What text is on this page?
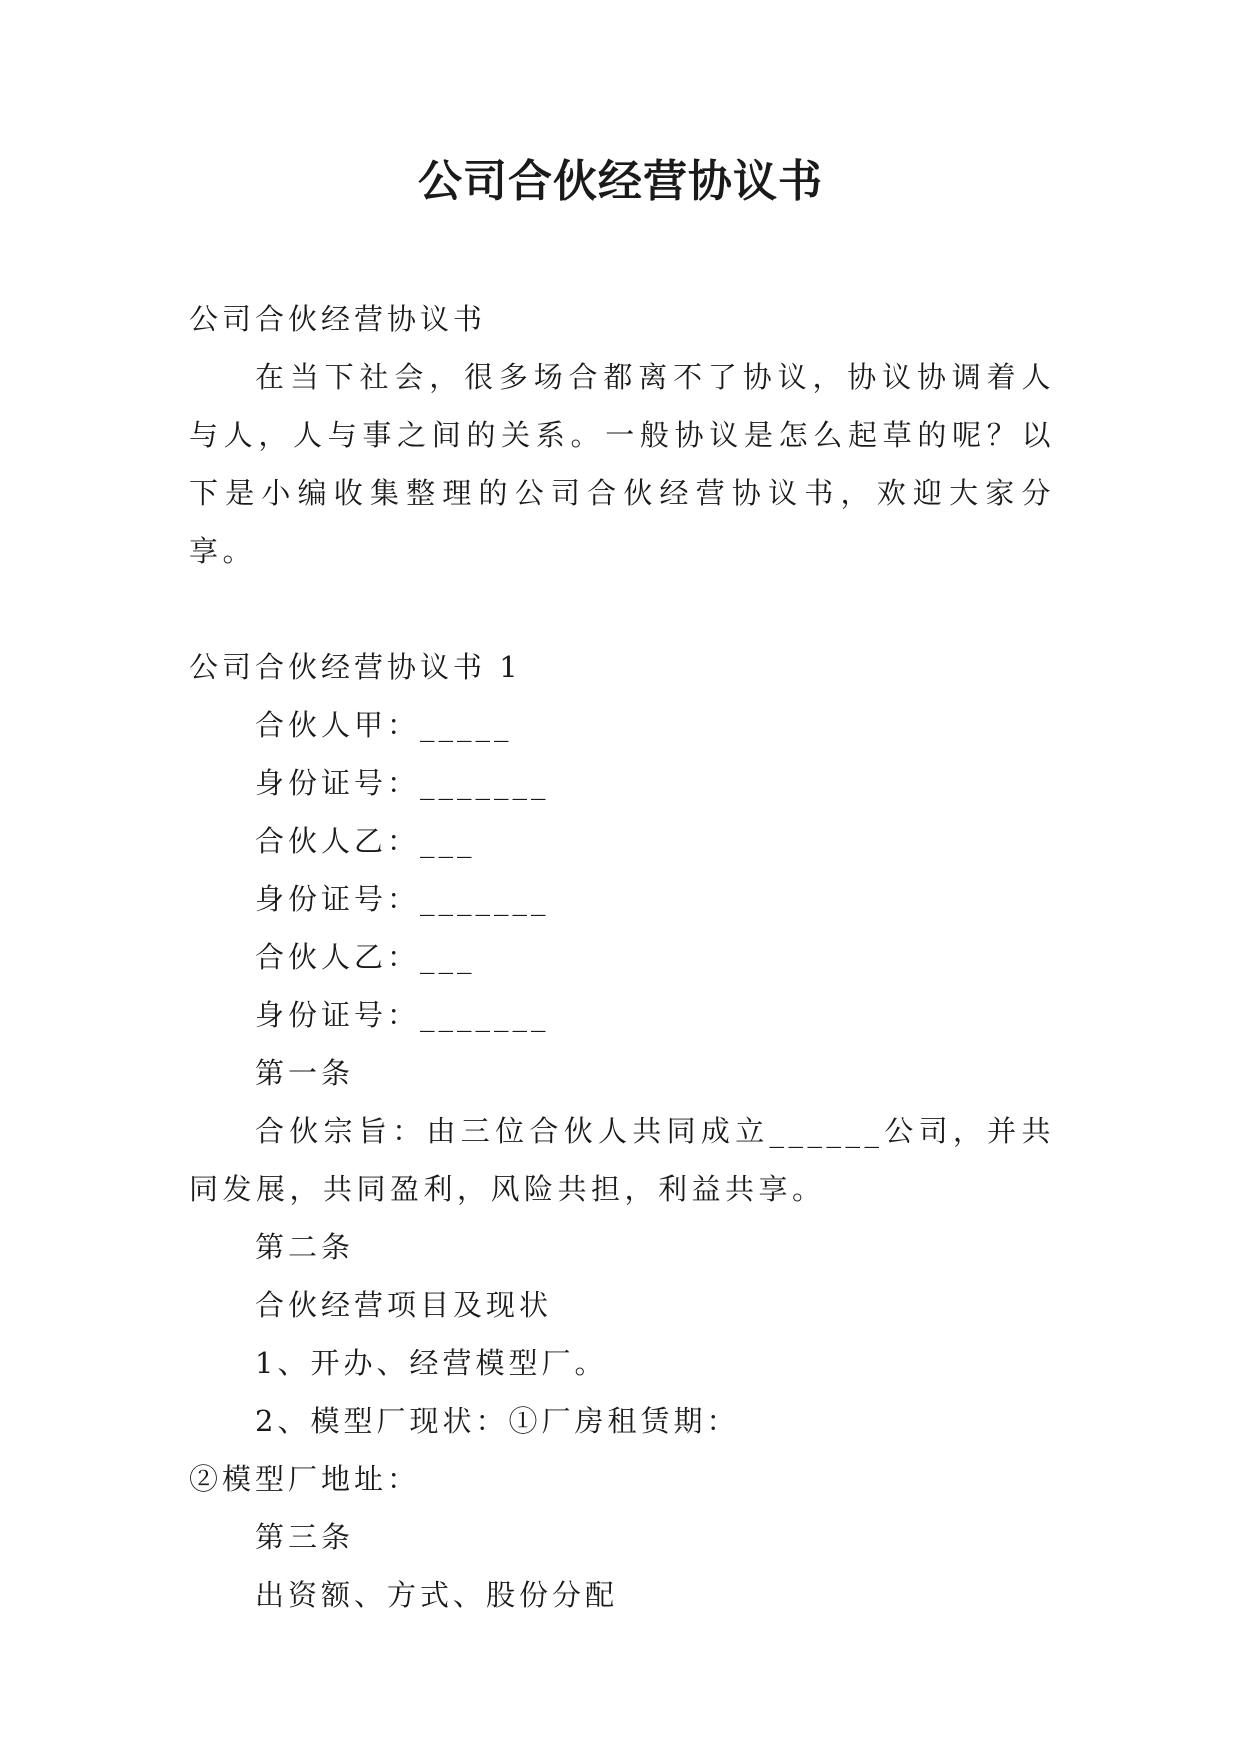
公司合伙经营协议书

公司合伙经营协议书

在当下社会，很多场合都离不了协议，协议协调着人与人，人与事之间的关系。一般协议是怎么起草的呢？以下是小编收集整理的公司合伙经营协议书，欢迎大家分享。

公司合伙经营协议书 1

合伙人甲：_____

身份证号：_______

合伙人乙：___

身份证号：_______

合伙人乙：___

身份证号：_______

第一条

合伙宗旨：由三位合伙人共同成立______公司，并共同发展，共同盈利，风险共担，利益共享。

第二条

合伙经营项目及现状

1、开办、经营模型厂。

2、模型厂现状：①厂房租赁期：

②模型厂地址：

第三条

出资额、方式、股份分配
